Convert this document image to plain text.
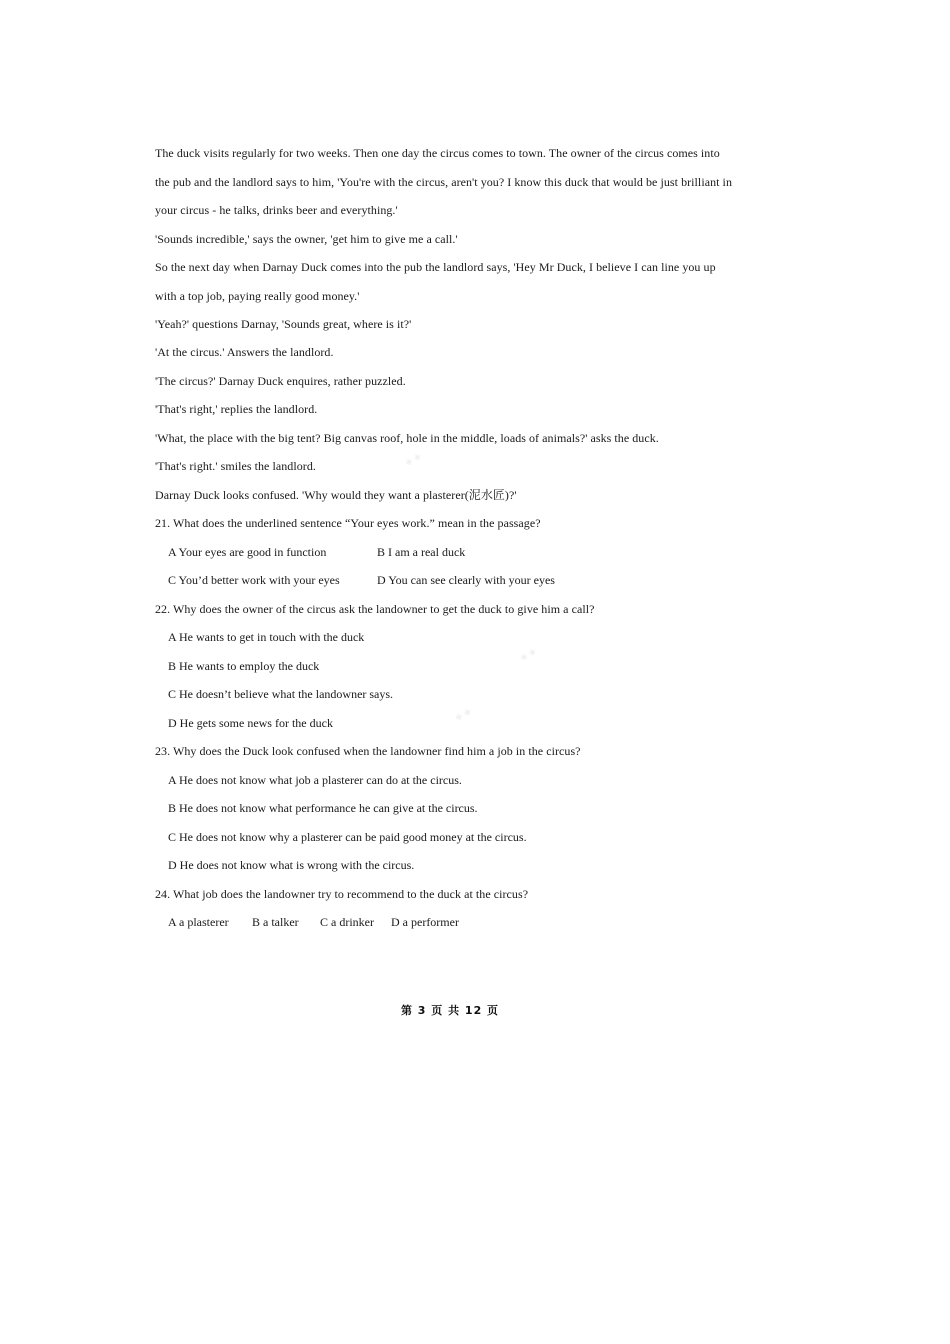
◈ ◈
◈ ◈
◈ ◈
The duck visits regularly for two weeks. Then one day the circus comes to town. The owner of the circus comes into
the pub and the landlord says to him, 'You're with the circus, aren't you? I know this duck that would be just brilliant in
your circus - he talks, drinks beer and everything.'
'Sounds incredible,' says the owner, 'get him to give me a call.'
So the next day when Darnay Duck comes into the pub the landlord says, 'Hey Mr Duck, I believe I can line you up
with a top job, paying really good money.'
'Yeah?' questions Darnay, 'Sounds great, where is it?'
'At the circus.' Answers the landlord.
'The circus?' Darnay Duck enquires, rather puzzled.
'That's right,' replies the landlord.
'What, the place with the big tent? Big canvas roof, hole in the middle, loads of animals?' asks the duck.
'That's right.' smiles the landlord.
Darnay Duck looks confused. 'Why would they want a plasterer(泥水匠)?'
21. What does the underlined sentence “Your eyes work.” mean in the passage?
A Your eyes are good in function	B I am a real duck
C You’d better work with your eyes	D You can see clearly with your eyes
22. Why does the owner of the circus ask the landowner to get the duck to give him a call?
A He wants to get in touch with the duck
B He wants to employ the duck
C He doesn’t believe what the landowner says.
D He gets some news for the duck
23. Why does the Duck look confused when the landowner find him a job in the circus?
A He does not know what job a plasterer can do at the circus.
B He does not know what performance he can give at the circus.
C He does not know why a plasterer can be paid good money at the circus.
D He does not know what is wrong with the circus.
24. What job does the landowner try to recommend to the duck at the circus?
A a plasterer B a talker C a drinker D a performer
第 3 页 共 12 页
